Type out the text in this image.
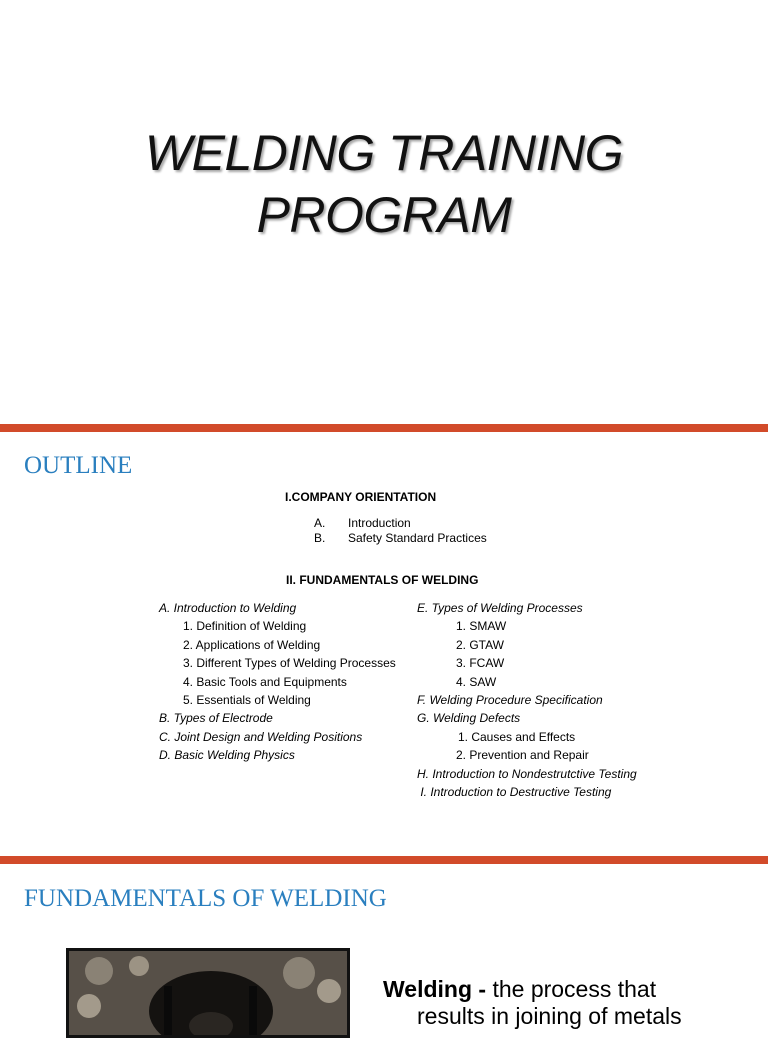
WELDING TRAINING
PROGRAM
OUTLINE
I.COMPANY ORIENTATION
A. Introduction
B. Safety Standard Practices
II. FUNDAMENTALS OF WELDING
A. Introduction to Welding
1. Definition of Welding
2. Applications of Welding
3. Different Types of Welding Processes
4. Basic Tools and Equipments
5. Essentials of Welding
B. Types of Electrode
C. Joint Design and Welding Positions
D. Basic Welding Physics
E. Types of Welding Processes
1. SMAW
2. GTAW
3. FCAW
4. SAW
F. Welding Procedure Specification
G. Welding Defects
1. Causes and Effects
2. Prevention and Repair
H. Introduction to Nondestrutctive Testing
I. Introduction to Destructive Testing
FUNDAMENTALS OF WELDING
Welding - the process that
results in joining of metals
